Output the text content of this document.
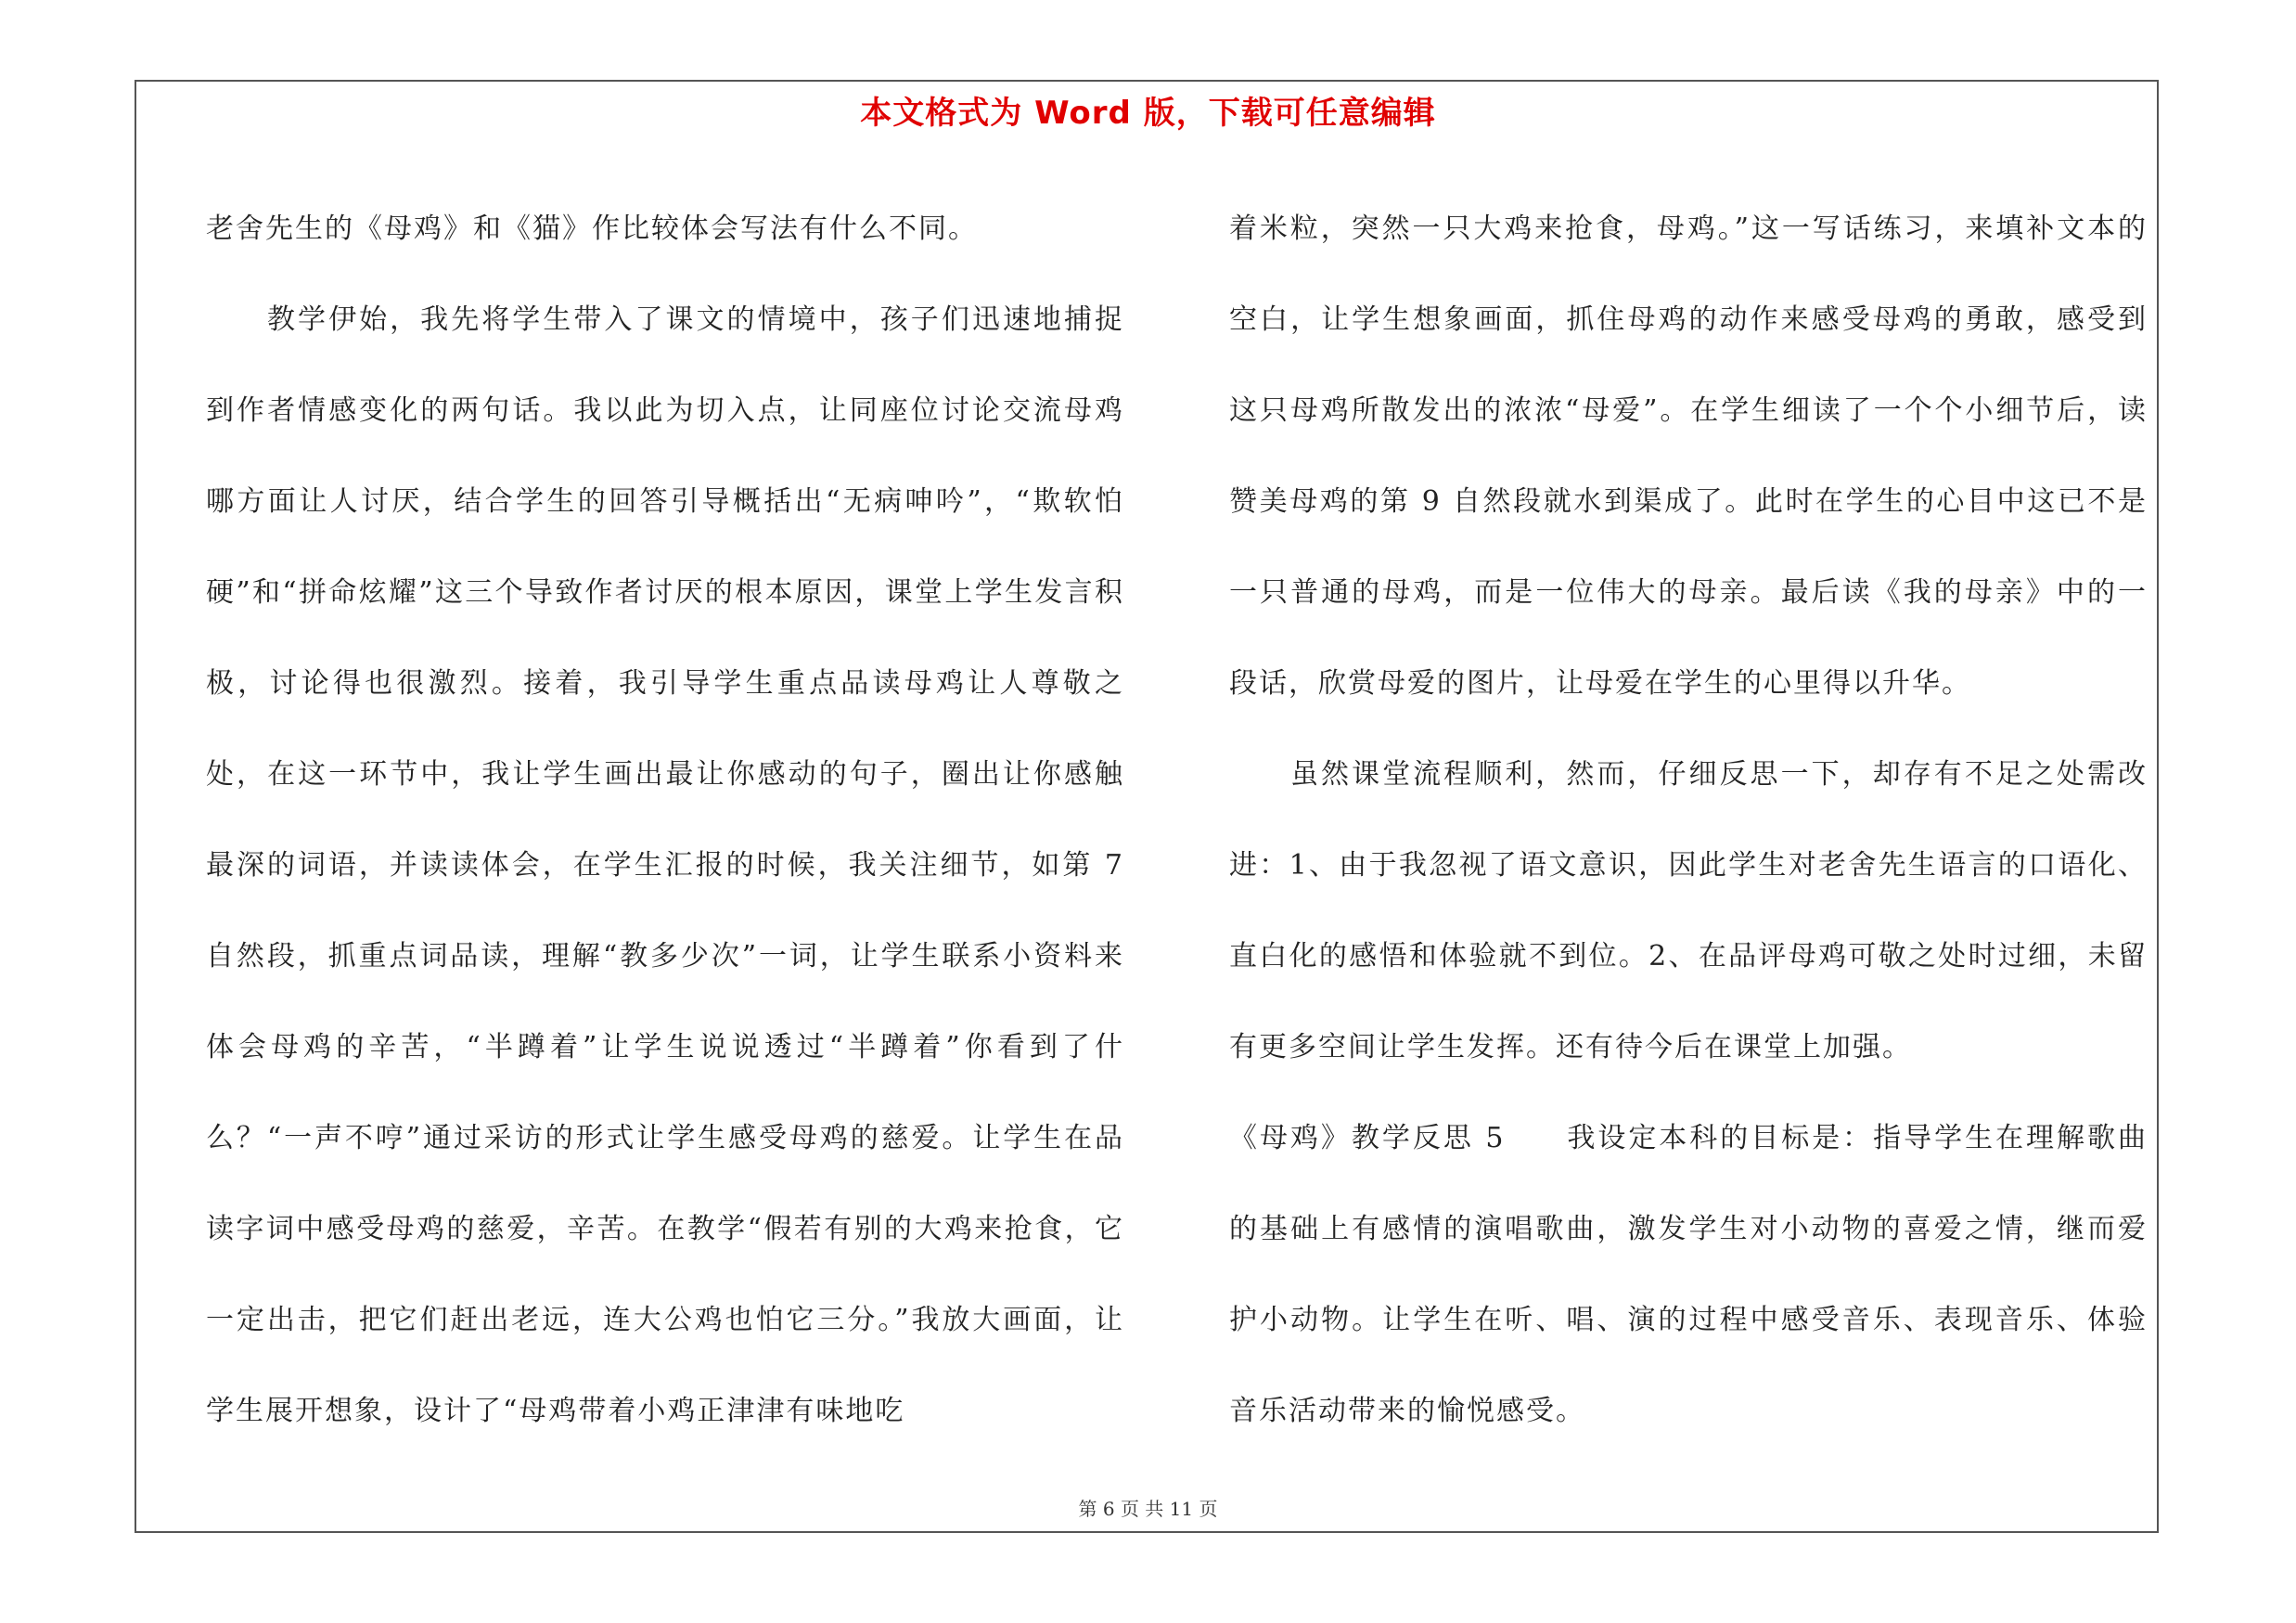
本文格式为 Word 版，下载可任意编辑

老舍先生的《母鸡》和《猫》作比较体会写法有什么不同。

教学伊始，我先将学生带入了课文的情境中，孩子们迅速地捕捉到作者情感变化的两句话。我以此为切入点，让同座位讨论交流母鸡哪方面让人讨厌，结合学生的回答引导概括出“无病呻吟”，“欺软怕硬”和“拼命炫耀”这三个导致作者讨厌的根本原因，课堂上学生发言积极，讨论得也很激烈。接着，我引导学生重点品读母鸡让人尊敬之处，在这一环节中，我让学生画出最让你感动的句子，圈出让你感触最深的词语，并读读体会，在学生汇报的时候，我关注细节，如第 7 自然段，抓重点词品读，理解“教多少次”一词，让学生联系小资料来体会母鸡的辛苦，“半蹲着”让学生说说透过“半蹲着”你看到了什么？“一声不哼”通过采访的形式让学生感受母鸡的慈爱。让学生在品读字词中感受母鸡的慈爱，辛苦。在教学“假若有别的大鸡来抢食，它一定出击，把它们赶出老远，连大公鸡也怕它三分。”我放大画面，让学生展开想象，设计了“母鸡带着小鸡正津津有味地吃

着米粒，突然一只大鸡来抢食，母鸡。”这一写话练习，来填补文本的空白，让学生想象画面，抓住母鸡的动作来感受母鸡的勇敢，感受到这只母鸡所散发出的浓浓“母爱”。在学生细读了一个个小细节后，读赞美母鸡的第 9 自然段就水到渠成了。此时在学生的心目中这已不是一只普通的母鸡，而是一位伟大的母亲。最后读《我的母亲》中的一段话，欣赏母爱的图片，让母爱在学生的心里得以升华。

虽然课堂流程顺利，然而，仔细反思一下，却存有不足之处需改进：1、由于我忽视了语文意识，因此学生对老舍先生语言的口语化、直白化的感悟和体验就不到位。2、在品评母鸡可敬之处时过细，未留有更多空间让学生发挥。还有待今后在课堂上加强。

《母鸡》教学反思 5　　我设定本科的目标是：指导学生在理解歌曲的基础上有感情的演唱歌曲，激发学生对小动物的喜爱之情，继而爱护小动物。让学生在听、唱、演的过程中感受音乐、表现音乐、体验音乐活动带来的愉悦感受。

第 6 页 共 11 页
